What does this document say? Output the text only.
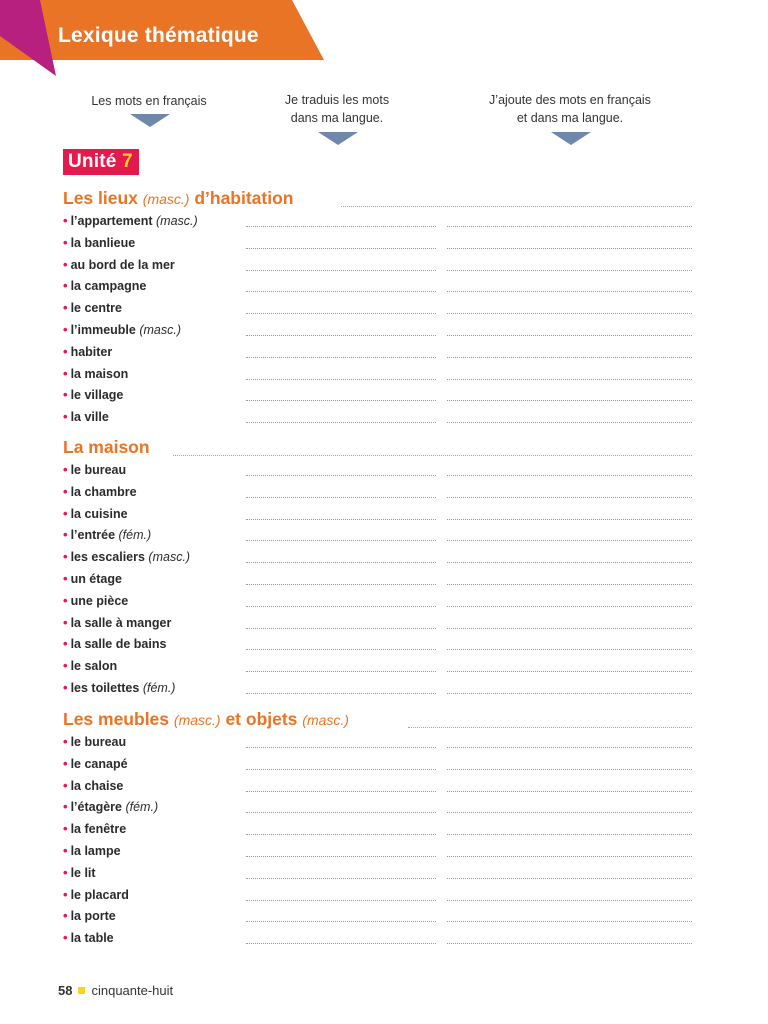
Lexique thématique
Les mots en français	Je traduis les mots
dans ma langue.
J’ajoute des mots en français
et dans ma langue.
Unité 7
Les lieux (masc.) d’habitation
• l’appartement (masc.)
• la banlieue
• au bord de la mer
• la campagne
• le centre
• l’immeuble (masc.)
• habiter
• la maison
• le village
• la ville
La maison
• le bureau
• la chambre
• la cuisine
• l’entrée (fém.)
• les escaliers (masc.)
• un étage
• une pièce
• la salle à manger
• la salle de bains
• le salon
• les toilettes (fém.)
Les meubles (masc.) et objets (masc.)
• le bureau
• le canapé
• la chaise
• l’étagère (fém.)
• la fenêtre
• la lampe
• le lit
• le placard
• la porte
• la table
58 cinquante-huit
